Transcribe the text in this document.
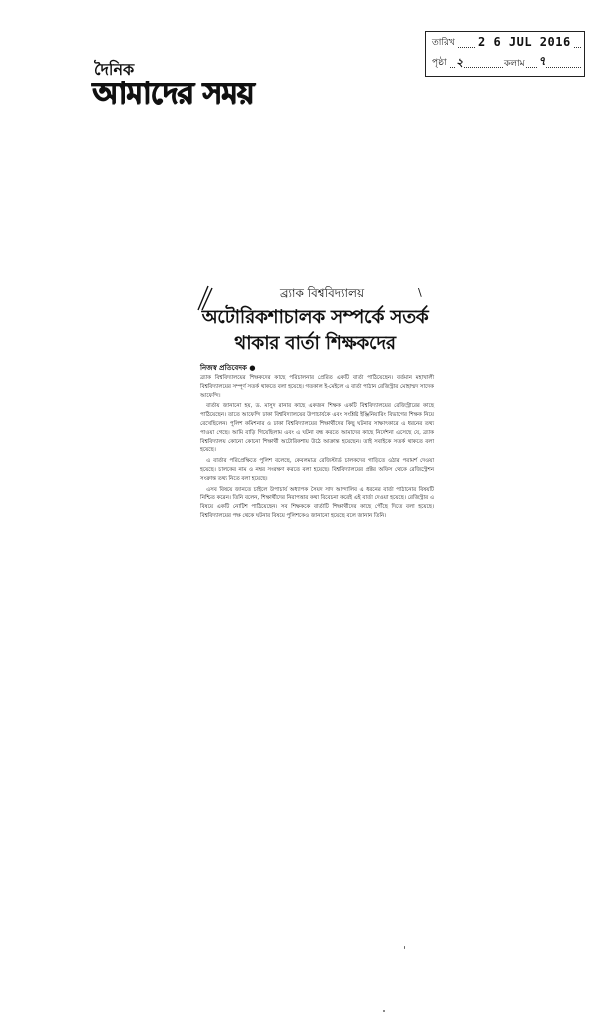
দৈনিক
আমাদের সময়
তারিখ 2 6 JUL 2016
পৃষ্ঠা ২	কলাম ৭
ব্র্যাক বিশ্ববিদ্যালয়	\
অটোরিকশাচালক সম্পর্কে সতর্ক
থাকার বার্তা শিক্ষকদের
নিজস্ব প্রতিবেদক ●

ব্র্যাক বিশ্ববিদ্যালয়ের শিক্ষকদের কাছে পরিচালনার প্রেরিত একটি বার্তা পাঠিয়েছেন। বর্তমান মহাখালী বিশ্ববিদ্যালয়ের সম্পূর্ণ সতর্ক থাকতে বলা হয়েছে। গতকাল ই-মেইলে এ বার্তা পাঠান রেজিস্ট্রার মোহাম্মদ সাদেক আফেন্দি।

বার্তায় জানানো হয়, ড. মাসুদ রানার কাছে একজন শিক্ষক একটি বিশ্ববিদ্যালয়ের রেজিস্ট্রারের কাছে পাঠিয়েছেন। তাতে আফেন্দি ঢাকা বিশ্ববিদ্যালয়ের উপাচার্যকে এবং সংশ্লিষ্ট ইঞ্জিনিয়ারিং বিভাগের শিক্ষক নিয়ে রেখেছিলেন। পুলিশ কমিশনার ও ঢাকা বিশ্ববিদ্যালয়ের শিক্ষার্থীদের কিছু ঘটনার সাক্ষাৎকারে এ ধরনের তথ্য পাওয়া গেছে। আমি বাড়ি গিয়েছিলাম এবং এ ঘটনা বন্ধ করতে আমাদের কাছে নির্দেশনা এসেছে যে, ব্র্যাক বিশ্ববিদ্যালয় কোনো কোনো শিক্ষার্থী অটোরিকশায় উঠে আক্রান্ত হয়েছেন। তাই সবাইকে সতর্ক থাকতে বলা হয়েছে।

এ বার্তার পরিপ্রেক্ষিতে পুলিশ বলেছে, কেবলমাত্র রেজিস্টার্ড চালকদের গাড়িতে ওঠার পরামর্শ দেওয়া হয়েছে। চালকের নাম ও নম্বর সংরক্ষণ করতে বলা হয়েছে। বিশ্ববিদ্যালয়ের প্রক্টর অফিস থেকে রেজিস্ট্রেশন সংক্রান্ত তথ্য নিতে বলা হয়েছে।

এসব বিষয়ে জানতে চাইলে উপাচার্য অধ্যাপক সৈয়দ সাদ আন্দালিব এ ধরনের বার্তা পাঠানোর বিষয়টি নিশ্চিত করেন। তিনি বলেন, শিক্ষার্থীদের নিরাপত্তার কথা বিবেচনা করেই এই বার্তা দেওয়া হয়েছে। রেজিস্ট্রার এ বিষয়ে একটি নোটিশ পাঠিয়েছেন। সব শিক্ষককে বার্তাটি শিক্ষার্থীদের কাছে পৌঁছে দিতে বলা হয়েছে। বিশ্ববিদ্যালয়ের পক্ষ থেকে ঘটনার বিষয়ে পুলিশকেও জানানো হয়েছে বলে জানান তিনি।
